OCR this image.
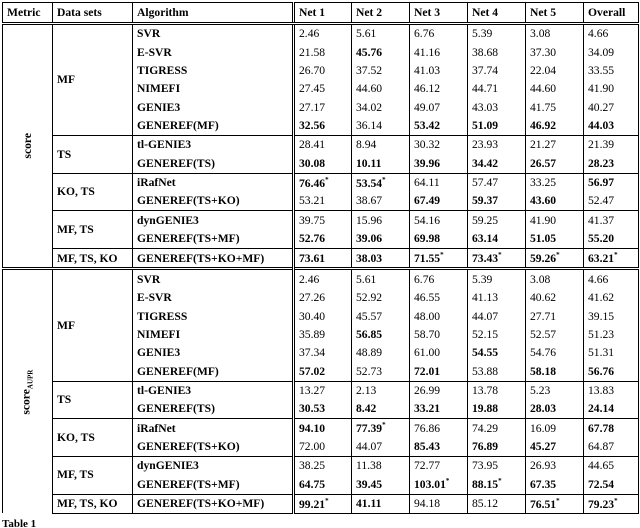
Metric	Data sets	Algorithm	Net 1	Net 2	Net 3	Net 4	Net 5	Overall
score	MF	SVR	2.46	5.61	6.76	5.39	3.08	4.66
		E-SVR	21.58	45.76	41.16	38.68	37.30	34.09
		TIGRESS	26.70	37.52	41.03	37.74	22.04	33.55
		NIMEFI	27.45	44.60	46.12	44.71	44.60	41.90
		GENIE3	27.17	34.02	49.07	43.03	41.75	40.27
		GENEREF(MF)	32.56	36.14	53.42	51.09	46.92	44.03
	TS	tl-GENIE3	28.41	8.94	30.32	23.93	21.27	21.39
		GENEREF(TS)	30.08	10.11	39.96	34.42	26.57	28.23
	KO, TS	iRafNet	76.46*	53.54*	64.11	57.47	33.25	56.97
		GENEREF(TS+KO)	53.21	38.67	67.49	59.37	43.60	52.47
	MF, TS	dynGENIE3	39.75	15.96	54.16	59.25	41.90	41.37
		GENEREF(TS+MF)	52.76	39.06	69.98	63.14	51.05	55.20
	MF, TS, KO	GENEREF(TS+KO+MF)	73.61	38.03	71.55*	73.43*	59.26*	63.21*
score$_{AUPR}$	MF	SVR	2.46	5.61	6.76	5.39	3.08	4.66
		E-SVR	27.26	52.92	46.55	41.13	40.62	41.62
		TIGRESS	30.40	45.57	48.00	44.07	27.71	39.15
		NIMEFI	35.89	56.85	58.70	52.15	52.57	51.23
		GENIE3	37.34	48.89	61.00	54.55	54.76	51.31
		GENEREF(MF)	57.02	52.73	72.01	53.88	58.18	56.76
	TS	tl-GENIE3	13.27	2.13	26.99	13.78	5.23	13.83
		GENEREF(TS)	30.53	8.42	33.21	19.88	28.03	24.14
	KO, TS	iRafNet	94.10	77.39*	76.86	74.29	16.09	67.78
		GENEREF(TS+KO)	72.00	44.07	85.43	76.89	45.27	64.87
	MF, TS	dynGENIE3	38.25	11.38	72.77	73.95	26.93	44.65
		GENEREF(TS+MF)	64.75	39.45	103.01*	88.15*	67.35	72.54
	MF, TS, KO	GENEREF(TS+KO+MF)	99.21*	41.11	94.18	85.12	76.51*	79.23*
Table 1
